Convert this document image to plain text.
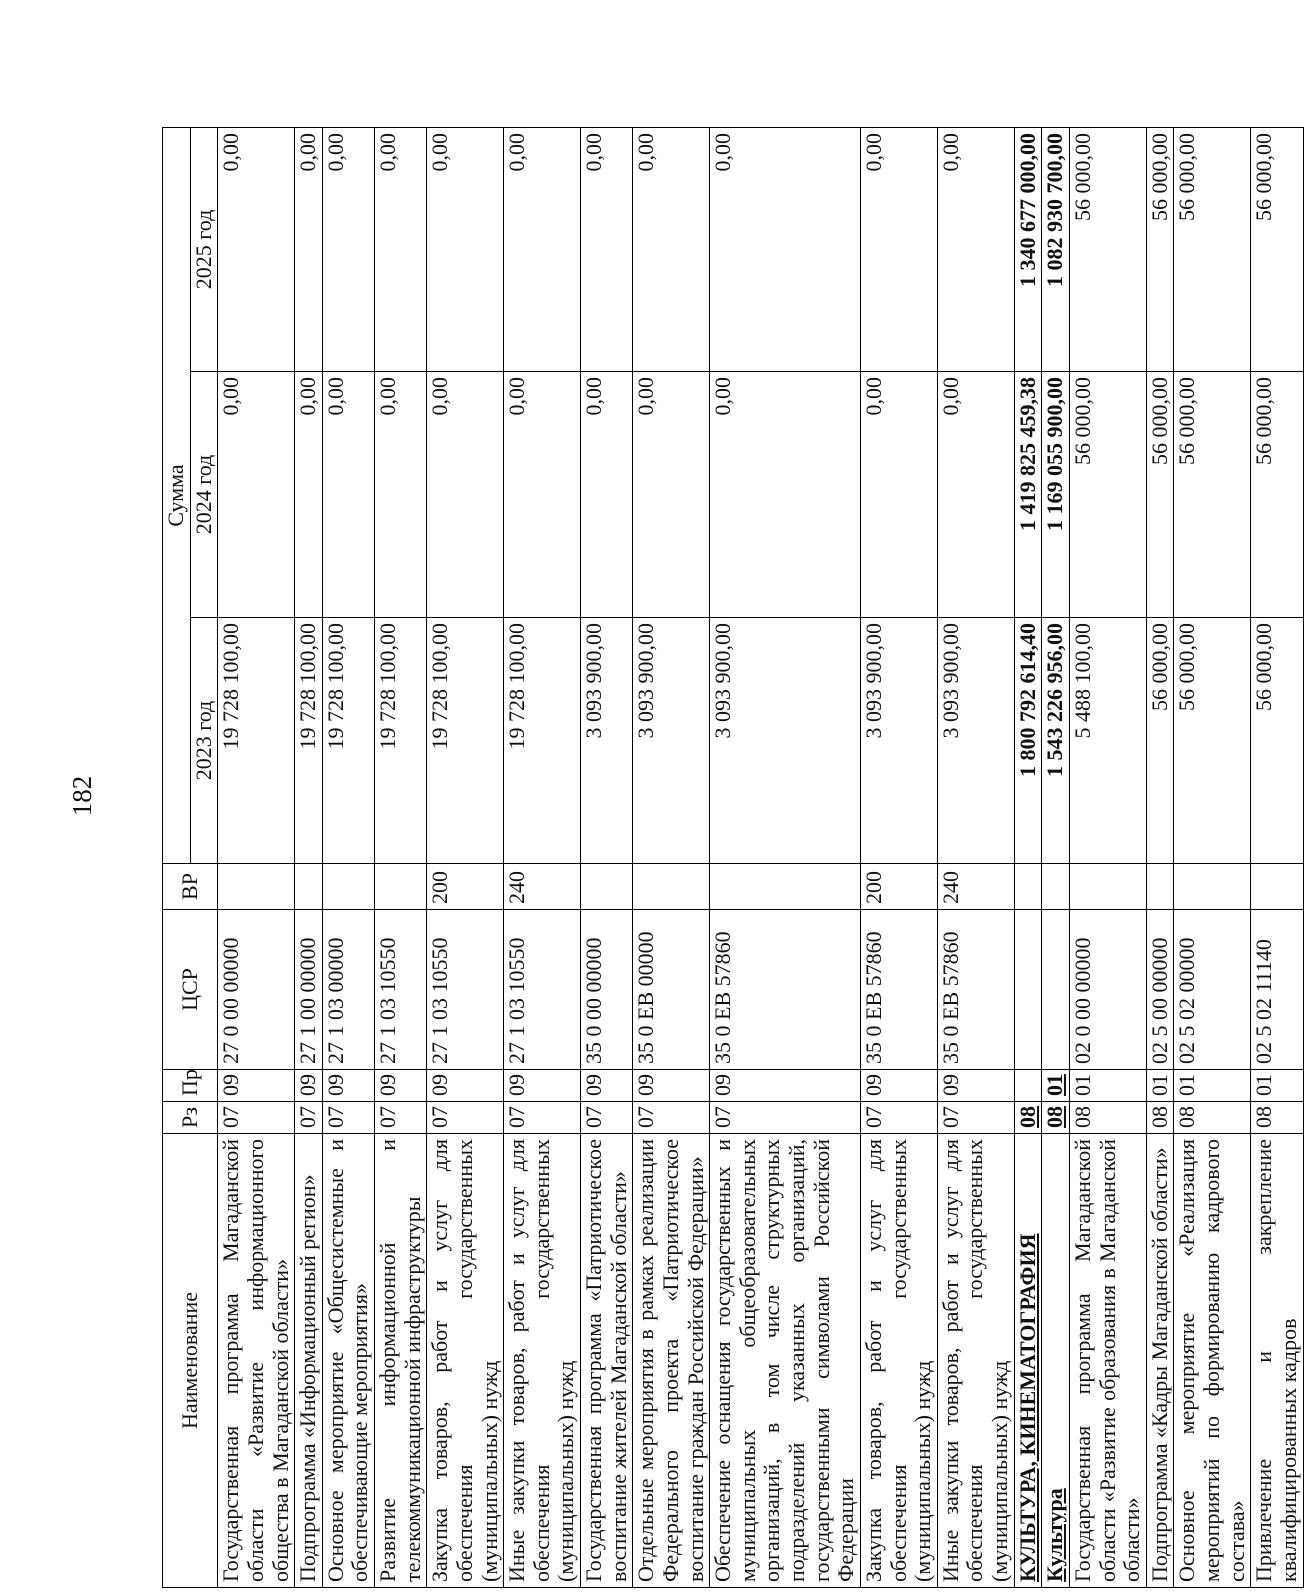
182
Наименование	Рз	Пр	ЦСР	ВР	Сумма		
					2023 год	2024 год	2025 год
Государственная программа Магаданской области «Развитие информационного общества в Магаданской области»	07	09	27 0 00 00000		19 728 100,00	0,00	0,00
Подпрограмма «Информационный регион»	07	09	27 1 00 00000		19 728 100,00	0,00	0,00
Основное мероприятие «Общесистемные и обеспечивающие мероприятия»	07	09	27 1 03 00000		19 728 100,00	0,00	0,00
Развитие информационной и телекоммуникационной инфраструктуры	07	09	27 1 03 10550		19 728 100,00	0,00	0,00
Закупка товаров, работ и услуг для обеспечения государственных (муниципальных) нужд	07	09	27 1 03 10550	200	19 728 100,00	0,00	0,00
Иные закупки товаров, работ и услуг для обеспечения государственных (муниципальных) нужд	07	09	27 1 03 10550	240	19 728 100,00	0,00	0,00
Государственная программа «Патриотическое воспитание жителей Магаданской области»	07	09	35 0 00 00000		3 093 900,00	0,00	0,00
Отдельные мероприятия в рамках реализации Федерального проекта «Патриотическое воспитание граждан Российской Федерации»	07	09	35 0 ЕВ 00000		3 093 900,00	0,00	0,00
Обеспечение оснащения государственных и муниципальных общеобразовательных организаций, в том числе структурных подразделений указанных организаций, государственными символами Российской Федерации	07	09	35 0 ЕВ 57860		3 093 900,00	0,00	0,00
Закупка товаров, работ и услуг для обеспечения государственных (муниципальных) нужд	07	09	35 0 ЕВ 57860	200	3 093 900,00	0,00	0,00
Иные закупки товаров, работ и услуг для обеспечения государственных (муниципальных) нужд	07	09	35 0 ЕВ 57860	240	3 093 900,00	0,00	0,00
КУЛЬТУРА, КИНЕМАТОГРАФИЯ	08				1 800 792 614,40	1 419 825 459,38	1 340 677 000,00
Культура	08	01			1 543 226 956,00	1 169 055 900,00	1 082 930 700,00
Государственная программа Магаданской области «Развитие образования в Магаданской области»	08	01	02 0 00 00000		5 488 100,00	56 000,00	56 000,00
Подпрограмма «Кадры Магаданской области»	08	01	02 5 00 00000		56 000,00	56 000,00	56 000,00
Основное мероприятие «Реализация мероприятий по формированию кадрового состава»	08	01	02 5 02 00000		56 000,00	56 000,00	56 000,00
Привлечение и закрепление квалифицированных кадров	08	01	02 5 02 11140		56 000,00	56 000,00	56 000,00
